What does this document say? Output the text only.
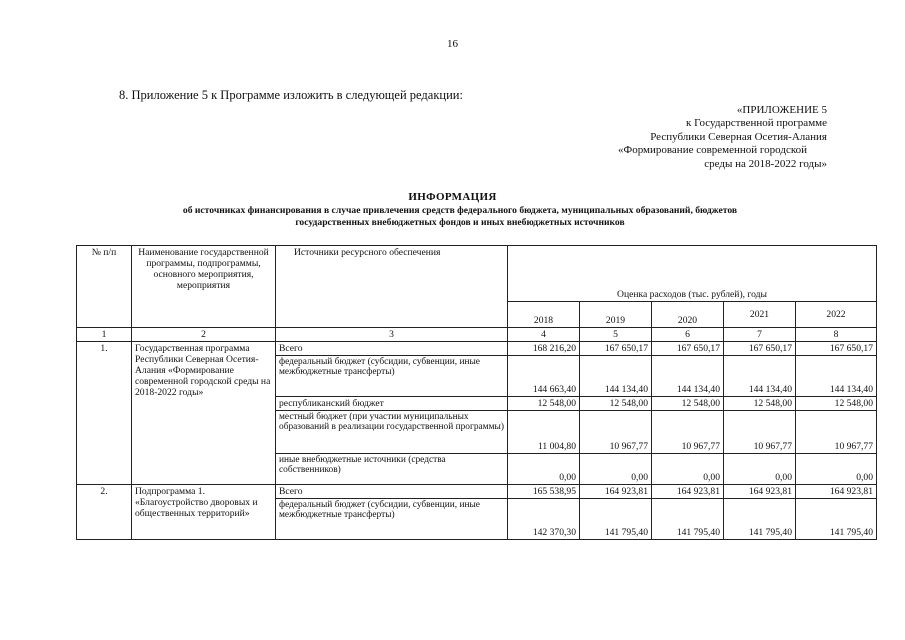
16
8. Приложение 5 к Программе изложить в следующей редакции:
«ПРИЛОЖЕНИЕ 5
к Государственной программе
Республики Северная Осетия-Алания
«Формирование современной городской
среды на 2018-2022 годы»
ИНФОРМАЦИЯ
об источниках финансирования в случае привлечения средств федерального бюджета, муниципальных образований, бюджетов
государственных внебюджетных фондов и иных внебюджетных источников
№ п/п	Наименование государственной программы, подпрограммы, основного мероприятия, мероприятия	Источники ресурсного обеспечения	Оценка расходов (тыс. рублей), годы				
			2018	2019	2020	2021	2022
1	2	3	4	5	6	7	8
1.	Государственная программа Республики Северная Осетия-Алания «Формирование современной городской среды на 2018-2022 годы»	Всего	168 216,20	167 650,17	167 650,17	167 650,17	167 650,17
		федеральный бюджет (субсидии, субвенции, иные межбюджетные трансферты)	144 663,40	144 134,40	144 134,40	144 134,40	144 134,40
		республиканский бюджет	12 548,00	12 548,00	12 548,00	12 548,00	12 548,00
		местный бюджет (при участии муниципальных образований в реализации государственной программы)	11 004,80	10 967,77	10 967,77	10 967,77	10 967,77
		иные внебюджетные источники (средства собственников)	0,00	0,00	0,00	0,00	0,00
2.	Подпрограмма 1. «Благоустройство дворовых и общественных территорий»	Всего	165 538,95	164 923,81	164 923,81	164 923,81	164 923,81
		федеральный бюджет (субсидии, субвенции, иные межбюджетные трансферты)	142 370,30	141 795,40	141 795,40	141 795,40	141 795,40
